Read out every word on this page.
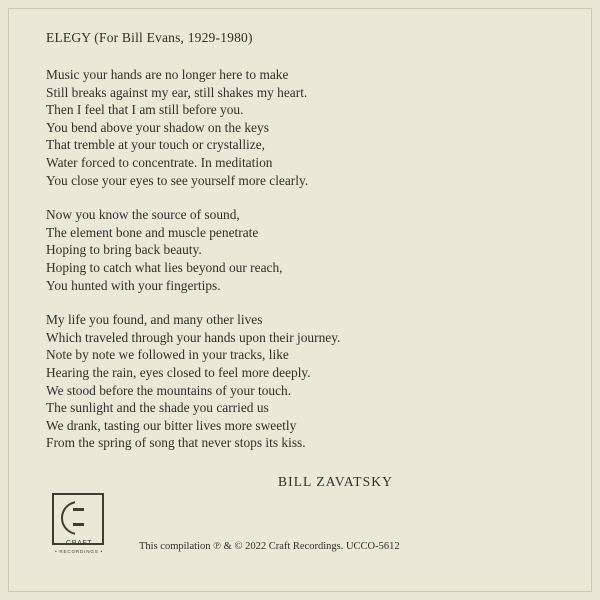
ELEGY (For Bill Evans, 1929-1980)
Music your hands are no longer here to make
Still breaks against my ear, still shakes my heart.
Then I feel that I am still before you.
You bend above your shadow on the keys
That tremble at your touch or crystallize,
Water forced to concentrate. In meditation
You close your eyes to see yourself more clearly.
Now you know the source of sound,
The element bone and muscle penetrate
Hoping to bring back beauty.
Hoping to catch what lies beyond our reach,
You hunted with your fingertips.
My life you found, and many other lives
Which traveled through your hands upon their journey.
Note by note we followed in your tracks, like
Hearing the rain, eyes closed to feel more deeply.
We stood before the mountains of your touch.
The sunlight and the shade you carried us
We drank, tasting our bitter lives more sweetly
From the spring of song that never stops its kiss.
BILL ZAVATSKY
CRAFT
• RECORDINGS •	This compilation ℗ & © 2022 Craft Recordings. UCCO-5612
